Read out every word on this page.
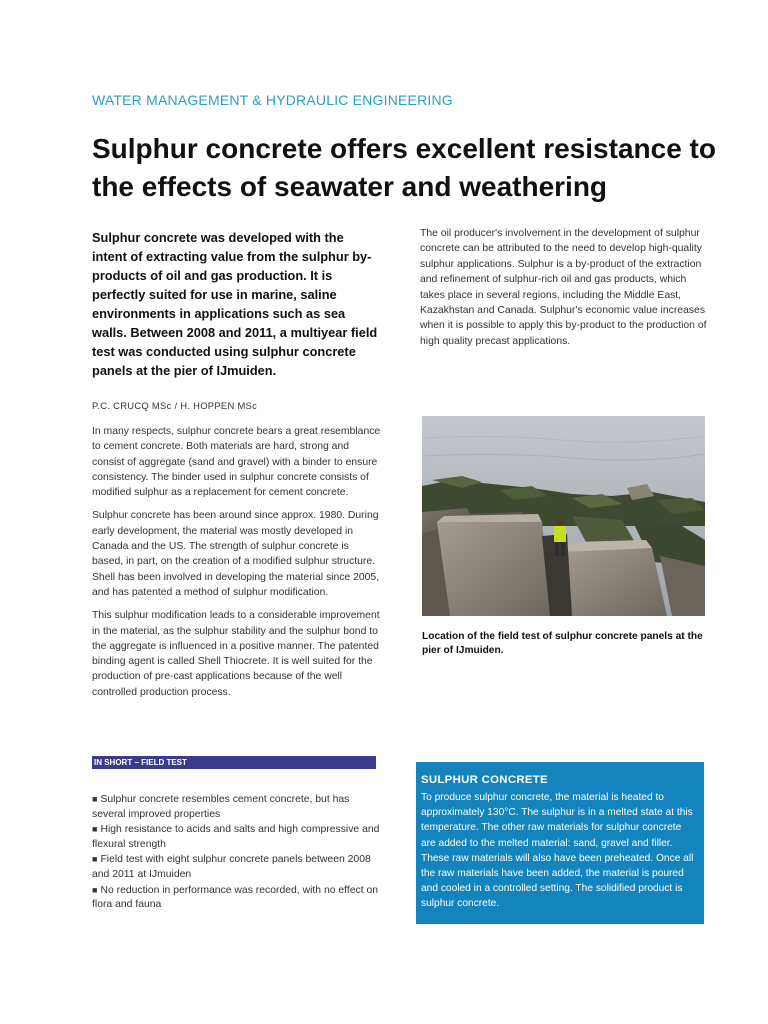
WATER MANAGEMENT & HYDRAULIC ENGINEERING
Sulphur concrete offers excellent resistance to the effects of seawater and weathering

Sulphur concrete was developed with the intent of extracting value from the sulphur by-products of oil and gas production. It is perfectly suited for use in marine, saline environments in applications such as sea walls. Between 2008 and 2011, a multiyear field test was conducted using sulphur concrete panels at the pier of IJmuiden.

The oil producer's involvement in the development of sulphur concrete can be attributed to the need to develop high-quality sulphur applications. Sulphur is a by-product of the extraction and refinement of sulphur-rich oil and gas products, which takes place in several regions, including the Middle East, Kazakhstan and Canada. Sulphur's economic value increases when it is possible to apply this by-product to the production of high quality precast applications.

P.C. CRUCQ MSc / H. HOPPEN MSc

In many respects, sulphur concrete bears a great resemblance to cement concrete. Both materials are hard, strong and consist of aggregate (sand and gravel) with a binder to ensure consistency. The binder used in sulphur concrete consists of modified sulphur as a replacement for cement concrete.

Sulphur concrete has been around since approx. 1980. During early development, the material was mostly developed in Canada and the US. The strength of sulphur concrete is based, in part, on the creation of a modified sulphur structure. Shell has been involved in developing the material since 2005, and has patented a method of sulphur modification.

This sulphur modification leads to a considerable improvement in the material, as the sulphur stability and the sulphur bond to the aggregate is influenced in a positive manner. The patented binding agent is called Shell Thiocrete. It is well suited for the production of pre-cast applications because of the well controlled production process.

Location of the field test of sulphur concrete panels at the pier of IJmuiden.
IN SHORT – FIELD TEST
■ Sulphur concrete resembles cement concrete, but has several improved properties
■ High resistance to acids and salts and high compressive and flexural strength
■ Field test with eight sulphur concrete panels between 2008 and 2011 at IJmuiden
■ No reduction in performance was recorded, with no effect on flora and fauna
SULPHUR CONCRETE

To produce sulphur concrete, the material is heated to approximately 130°C. The sulphur is in a melted state at this temperature. The other raw materials for sulphur concrete are added to the melted material: sand, gravel and filler. These raw materials will also have been preheated. Once all the raw materials have been added, the material is poured and cooled in a controlled setting. The solidified product is sulphur concrete.
